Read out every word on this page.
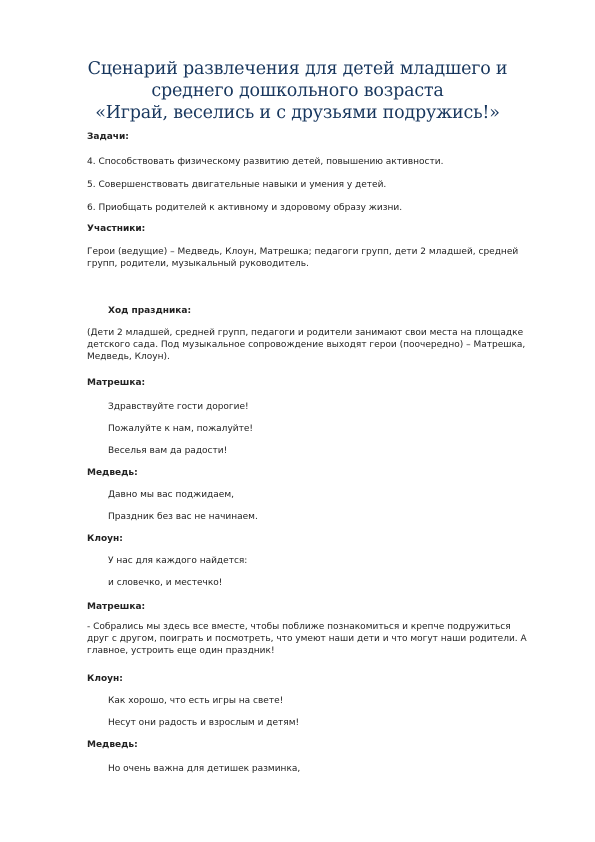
Сценарий развлечения для детей младшего и
среднего дошкольного возраста
«Играй, веселись и с друзьями подружись!»
Задачи:
4. Способствовать физическому развитию детей, повышению активности.
5. Совершенствовать двигательные навыки и умения у детей.
6. Приобщать родителей к активному и здоровому образу жизни.
Участники:
Герои (ведущие) – Медведь, Клоун, Матрешка; педагоги групп, дети 2 младшей, средней групп, родители, музыкальный руководитель.
Ход праздника:
(Дети 2 младшей, средней групп, педагоги и родители занимают свои места на площадке детского сада. Под музыкальное сопровождение выходят герои (поочередно) – Матрешка, Медведь, Клоун).
Матрешка:
Здравствуйте гости дорогие!
Пожалуйте к нам, пожалуйте!
Веселья вам да радости!
Медведь:
Давно мы вас поджидаем,
Праздник без вас не начинаем.
Клоун:
У нас для каждого найдется:
и словечко, и местечко!
Матрешка:
- Собрались мы здесь все вместе, чтобы поближе познакомиться и крепче подружиться друг с другом, поиграть и посмотреть, что умеют наши дети и что могут наши родители. А главное, устроить еще один праздник!
Клоун:
Как хорошо, что есть игры на свете!
Несут они радость и взрослым и детям!
Медведь:
Но очень важна для детишек разминка,
